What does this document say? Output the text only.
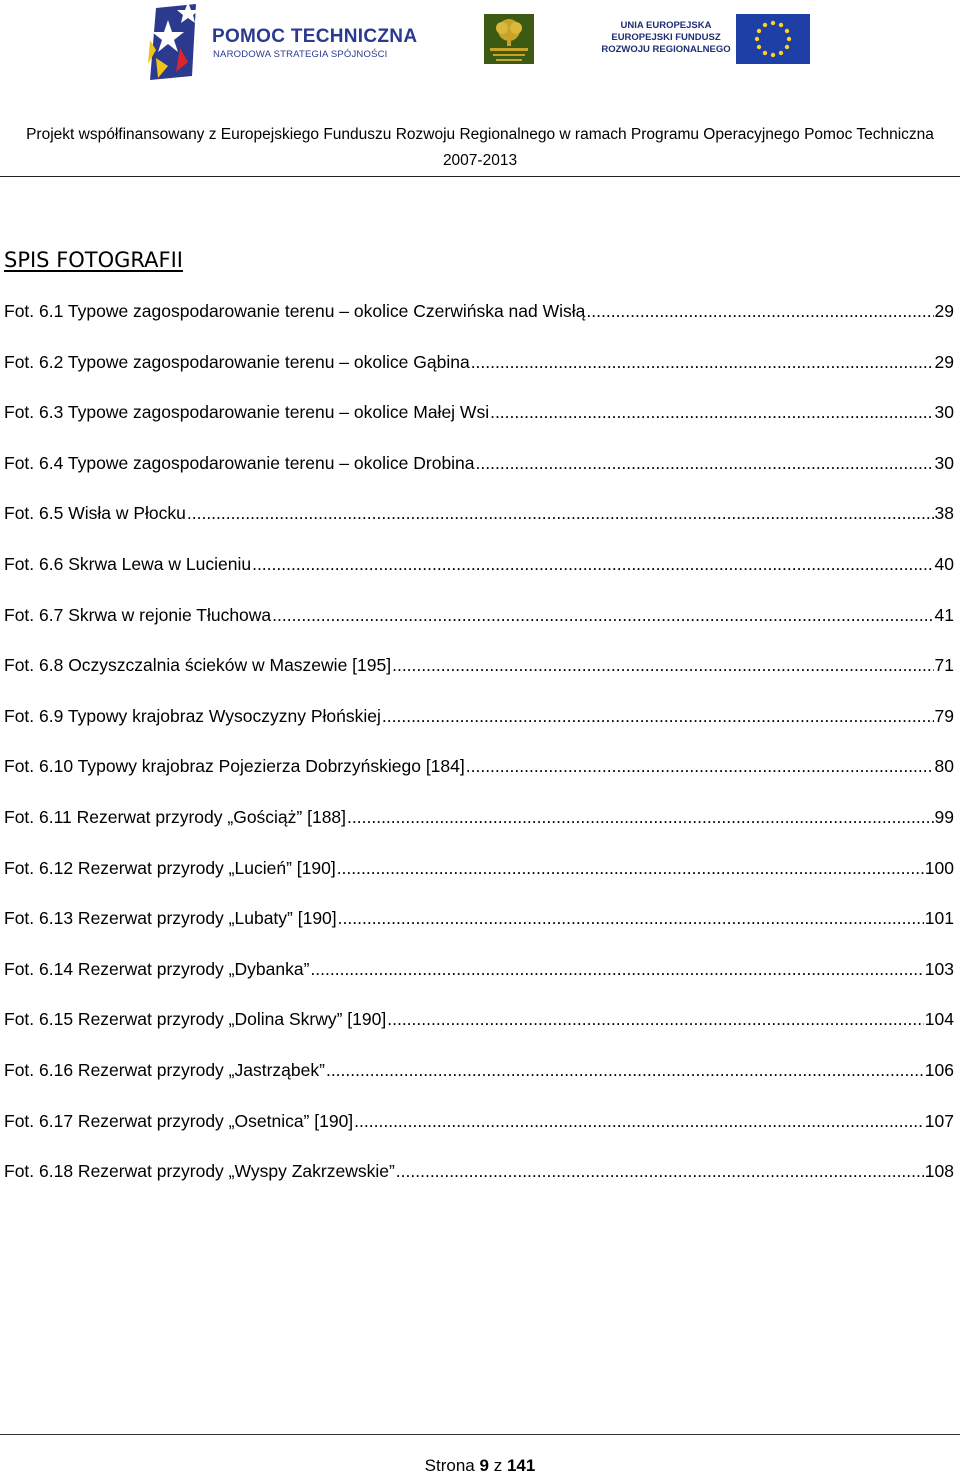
POMOC TECHNICZNA
NARODOWA STRATEGIA SPÓJNOŚCI
UNIA EUROPEJSKA
EUROPEJSKI FUNDUSZ
ROZWOJU REGIONALNEGO
Projekt współfinansowany z Europejskiego Funduszu Rozwoju Regionalnego w ramach Programu Operacyjnego Pomoc Techniczna
2007-2013
SPIS FOTOGRAFII
Fot. 6.1 Typowe zagospodarowanie terenu – okolice Czerwińska nad Wisłą .....	29
Fot. 6.2 Typowe zagospodarowanie terenu – okolice Gąbina .....	29
Fot. 6.3 Typowe zagospodarowanie terenu – okolice Małej Wsi .....	30
Fot. 6.4 Typowe zagospodarowanie terenu – okolice Drobina .....	30
Fot. 6.5 Wisła w Płocku .....	38
Fot. 6.6 Skrwa Lewa w Lucieniu .....	40
Fot. 6.7 Skrwa w rejonie Tłuchowa .....	41
Fot. 6.8 Oczyszczalnia ścieków w Maszewie [195] .....	71
Fot. 6.9 Typowy krajobraz Wysoczyzny Płońskiej .....	79
Fot. 6.10 Typowy krajobraz Pojezierza Dobrzyńskiego [184] .....	80
Fot. 6.11 Rezerwat przyrody „Gościąż” [188] .....	99
Fot. 6.12 Rezerwat przyrody „Lucień” [190] .....	100
Fot. 6.13 Rezerwat przyrody „Lubaty” [190] .....	101
Fot. 6.14 Rezerwat przyrody „Dybanka” .....	103
Fot. 6.15 Rezerwat przyrody „Dolina Skrwy” [190] .....	104
Fot. 6.16 Rezerwat przyrody „Jastrząbek” .....	106
Fot. 6.17 Rezerwat przyrody „Osetnica” [190] .....	107
Fot. 6.18 Rezerwat przyrody „Wyspy Zakrzewskie” .....	108
Strona 9 z 141
